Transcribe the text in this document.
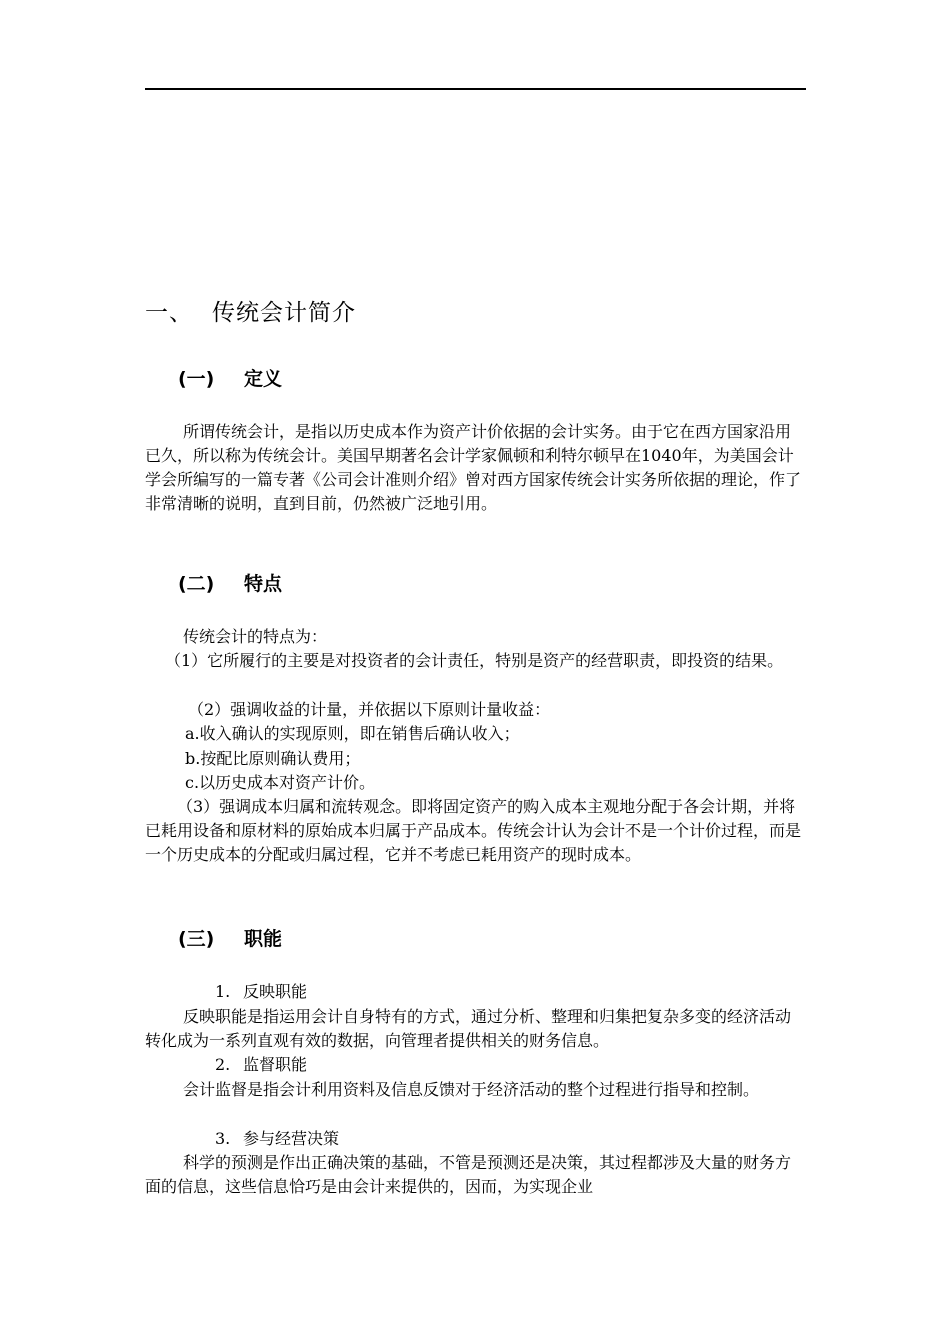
一、 传统会计简介
(一) 定义

所谓传统会计，是指以历史成本作为资产计价依据的会计实务。由于它在西方国家沿用已久，所以称为传统会计。美国早期著名会计学家佩顿和利特尔顿早在1040年，为美国会计学会所编写的一篇专著《公司会计准则介绍》曾对西方国家传统会计实务所依据的理论，作了非常清晰的说明，直到目前，仍然被广泛地引用。

(二) 特点
传统会计的特点为：

（1）它所履行的主要是对投资者的会计责任，特别是资产的经营职责，即投资的结果。

（2）强调收益的计量，并依据以下原则计量收益：
a.收入确认的实现原则，即在销售后确认收入；
b.按配比原则确认费用；
c.以历史成本对资产计价。

（3）强调成本归属和流转观念。即将固定资产的购入成本主观地分配于各会计期，并将已耗用设备和原材料的原始成本归属于产品成本。传统会计认为会计不是一个计价过程，而是一个历史成本的分配或归属过程，它并不考虑已耗用资产的现时成本。

(三) 职能
1. 反映职能

反映职能是指运用会计自身特有的方式，通过分析、整理和归集把复杂多变的经济活动转化成为一系列直观有效的数据，向管理者提供相关的财务信息。

2. 监督职能

会计监督是指会计利用资料及信息反馈对于经济活动的整个过程进行指导和控制。

3. 参与经营决策

科学的预测是作出正确决策的基础，不管是预测还是决策，其过程都涉及大量的财务方面的信息，这些信息恰巧是由会计来提供的，因而，为实现企业
